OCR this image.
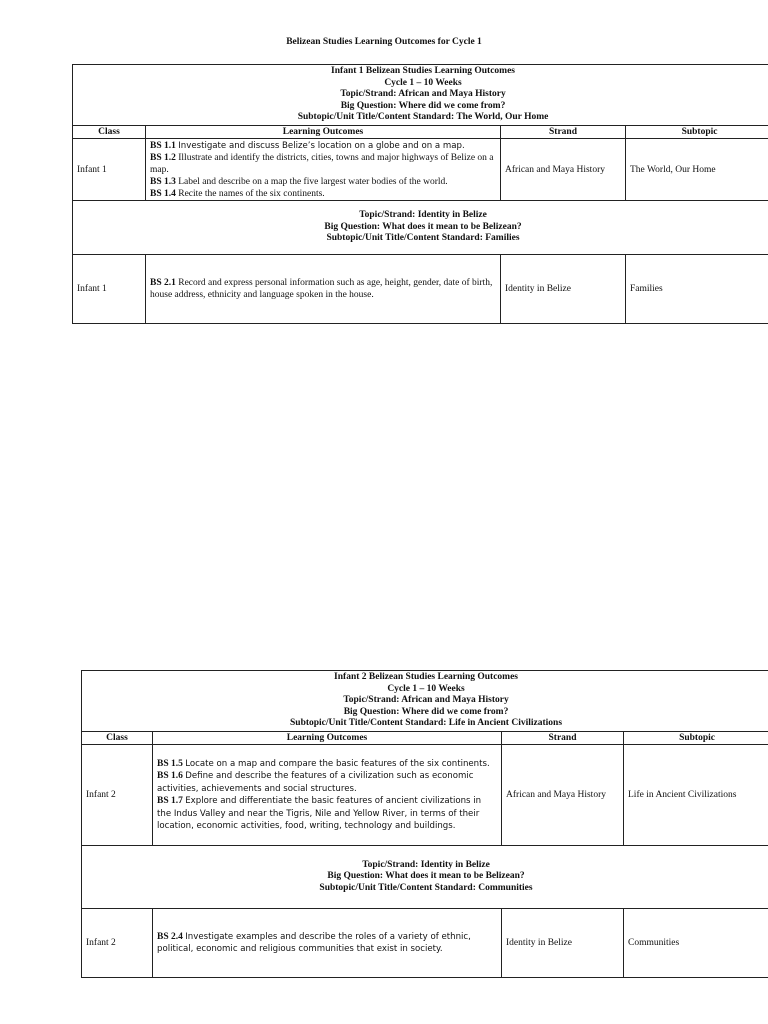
Belizean Studies Learning Outcomes for Cycle 1
Infant 1 Belizean Studies Learning Outcomes
Cycle 1 – 10 Weeks
Topic/Strand: African and Maya History
Big Question: Where did we come from?
Subtopic/Unit Title/Content Standard: The World, Our Home			

Class	Learning Outcomes	Strand	Subtopic
Infant 1	BS 1.1 Investigate and discuss Belize’s location on a globe and on a map.

BS 1.2 Illustrate and identify the districts, cities, towns and major highways of Belize on a map.

BS 1.3 Label and describe on a map the five largest water bodies of the world.

BS 1.4 Recite the names of the six continents.	African and Maya History	The World, Our Home

Topic/Strand: Identity in Belize
Big Question: What does it mean to be Belizean?
Subtopic/Unit Title/Content Standard: Families			

Infant 1	BS 2.1 Record and express personal information such as age, height, gender, date of birth, house address, ethnicity and language spoken in the house.	Identity in Belize	Families
Infant 2 Belizean Studies Learning Outcomes
Cycle 1 – 10 Weeks
Topic/Strand: African and Maya History
Big Question: Where did we come from?
Subtopic/Unit Title/Content Standard: Life in Ancient Civilizations			

Class	Learning Outcomes	Strand	Subtopic
Infant 2	BS 1.5 Locate on a map and compare the basic features of the six continents.

BS 1.6 Define and describe the features of a civilization such as economic activities, achievements and social structures.

BS 1.7 Explore and differentiate the basic features of ancient civilizations in the Indus Valley and near the Tigris, Nile and Yellow River, in terms of their location, economic activities, food, writing, technology and buildings.	African and Maya History	Life in Ancient Civilizations

Topic/Strand: Identity in Belize
Big Question: What does it mean to be Belizean?
Subtopic/Unit Title/Content Standard: Communities			

Infant 2	BS 2.4 Investigate examples and describe the roles of a variety of ethnic, political, economic and religious communities that exist in society.	Identity in Belize	Communities
